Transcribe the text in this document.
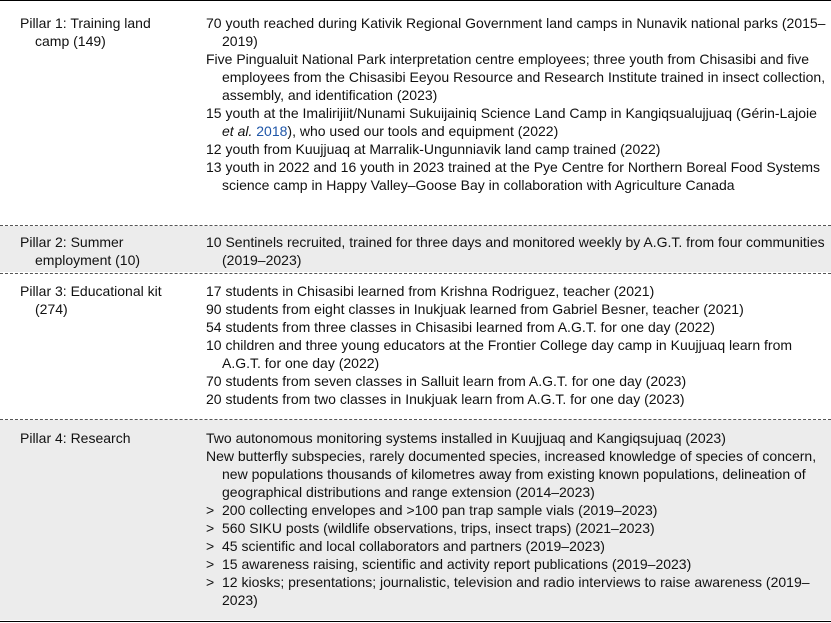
Pillar 1: Training land
camp (149)
70 youth reached during Kativik Regional Government land camps in Nunavik national parks (2015–2019)
Five Pingualuit National Park interpretation centre employees; three youth from Chisasibi and five employees from the Chisasibi Eeyou Resource and Research Institute trained in insect collection, assembly, and identification (2023)
15 youth at the Imalirijiit/Nunami Sukuijainiq Science Land Camp in Kangiqsualujjuaq (Gérin-Lajoie et al. 2018), who used our tools and equipment (2022)
12 youth from Kuujjuaq at Marralik-Ungunniavik land camp trained (2022)
13 youth in 2022 and 16 youth in 2023 trained at the Pye Centre for Northern Boreal Food Systems science camp in Happy Valley–Goose Bay in collaboration with Agriculture Canada
Pillar 2: Summer
employment (10)
10 Sentinels recruited, trained for three days and monitored weekly by A.G.T. from four communities (2019–2023)
Pillar 3: Educational kit
(274)
17 students in Chisasibi learned from Krishna Rodriguez, teacher (2021)
90 students from eight classes in Inukjuak learned from Gabriel Besner, teacher (2021)
54 students from three classes in Chisasibi learned from A.G.T. for one day (2022)
10 children and three young educators at the Frontier College day camp in Kuujjuaq learn from A.G.T. for one day (2022)
70 students from seven classes in Salluit learn from A.G.T. for one day (2023)
20 students from two classes in Inukjuak learn from A.G.T. for one day (2023)
Pillar 4: Research	Two autonomous monitoring systems installed in Kuujjuaq and Kangiqsujuaq (2023)
New butterfly subspecies, rarely documented species, increased knowledge of species of concern, new populations thousands of kilometres away from existing known populations, delineation of geographical distributions and range extension (2014–2023)
> 200 collecting envelopes and >100 pan trap sample vials (2019–2023)
> 560 SIKU posts (wildlife observations, trips, insect traps) (2021–2023)
> 45 scientific and local collaborators and partners (2019–2023)
> 15 awareness raising, scientific and activity report publications (2019–2023)
> 12 kiosks; presentations; journalistic, television and radio interviews to raise awareness (2019–2023)
